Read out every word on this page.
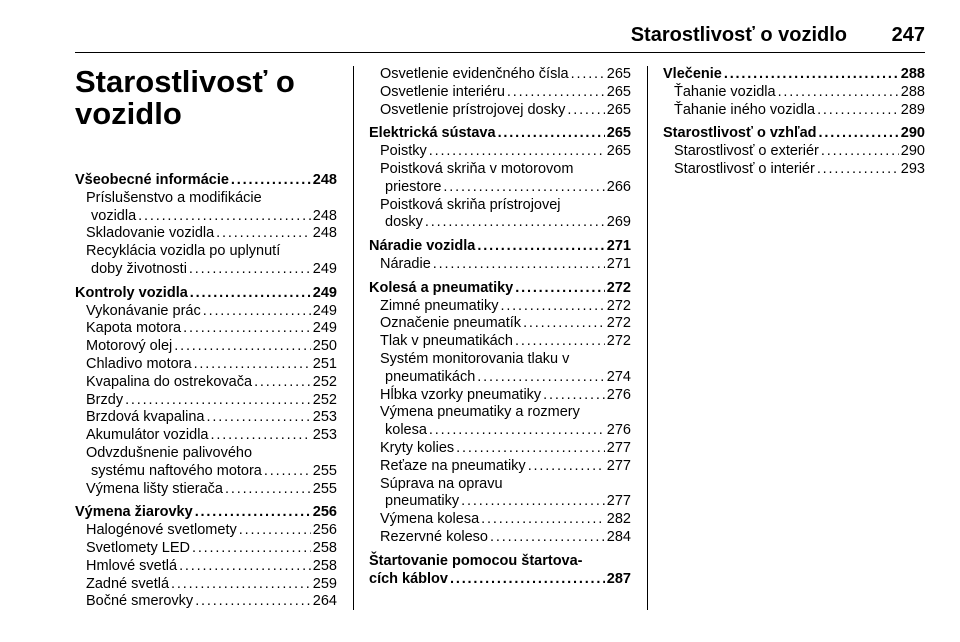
Starostlivosť o vozidlo 247
Starostlivosť o
vozidlo
Všeobecné informácie . . .	248
Príslušenstvo a modifikácie
vozidla . . .	248
Skladovanie vozidla . . .	248
Recyklácia vozidla po uplynutí
doby životnosti . . .	249
Kontroly vozidla . . .	249
Vykonávanie prác . . .	249
Kapota motora . . .	249
Motorový olej . . .	250
Chladivo motora . . .	251
Kvapalina do ostrekovača . . .	252
Brzdy . . .	252
Brzdová kvapalina . . .	253
Akumulátor vozidla . . .	253
Odvzdušnenie palivového
systému naftového motora . . .	255
Výmena lišty stierača . . .	255
Výmena žiarovky . . .	256
Halogénové svetlomety . . .	256
Svetlomety LED . . .	258
Hmlové svetlá . . .	258
Zadné svetlá . . .	259
Bočné smerovky . . .	264
Osvetlenie evidenčného čísla . . .	265
Osvetlenie interiéru . . .	265
Osvetlenie prístrojovej dosky . . .	265
Elektrická sústava . . .	265
Poistky . . .	265
Poistková skriňa v motorovom
priestore . . .	266
Poistková skriňa prístrojovej
dosky . . .	269
Náradie vozidla . . .	271
Náradie . . .	271
Kolesá a pneumatiky . . .	272
Zimné pneumatiky . . .	272
Označenie pneumatík . . .	272
Tlak v pneumatikách . . .	272
Systém monitorovania tlaku v
pneumatikách . . .	274
Hĺbka vzorky pneumatiky . . .	276
Výmena pneumatiky a rozmery
kolesa . . .	276
Kryty kolies . . .	277
Reťaze na pneumatiky . . .	277
Súprava na opravu
pneumatiky . . .	277
Výmena kolesa . . .	282
Rezervné koleso . . .	284
Štartovanie pomocou štartova-
cích káblov . . .	287
Vlečenie . . .	288
Ťahanie vozidla . . .	288
Ťahanie iného vozidla . . .	289
Starostlivosť o vzhľad . . .	290
Starostlivosť o exteriér . . .	290
Starostlivosť o interiér . . .	293
